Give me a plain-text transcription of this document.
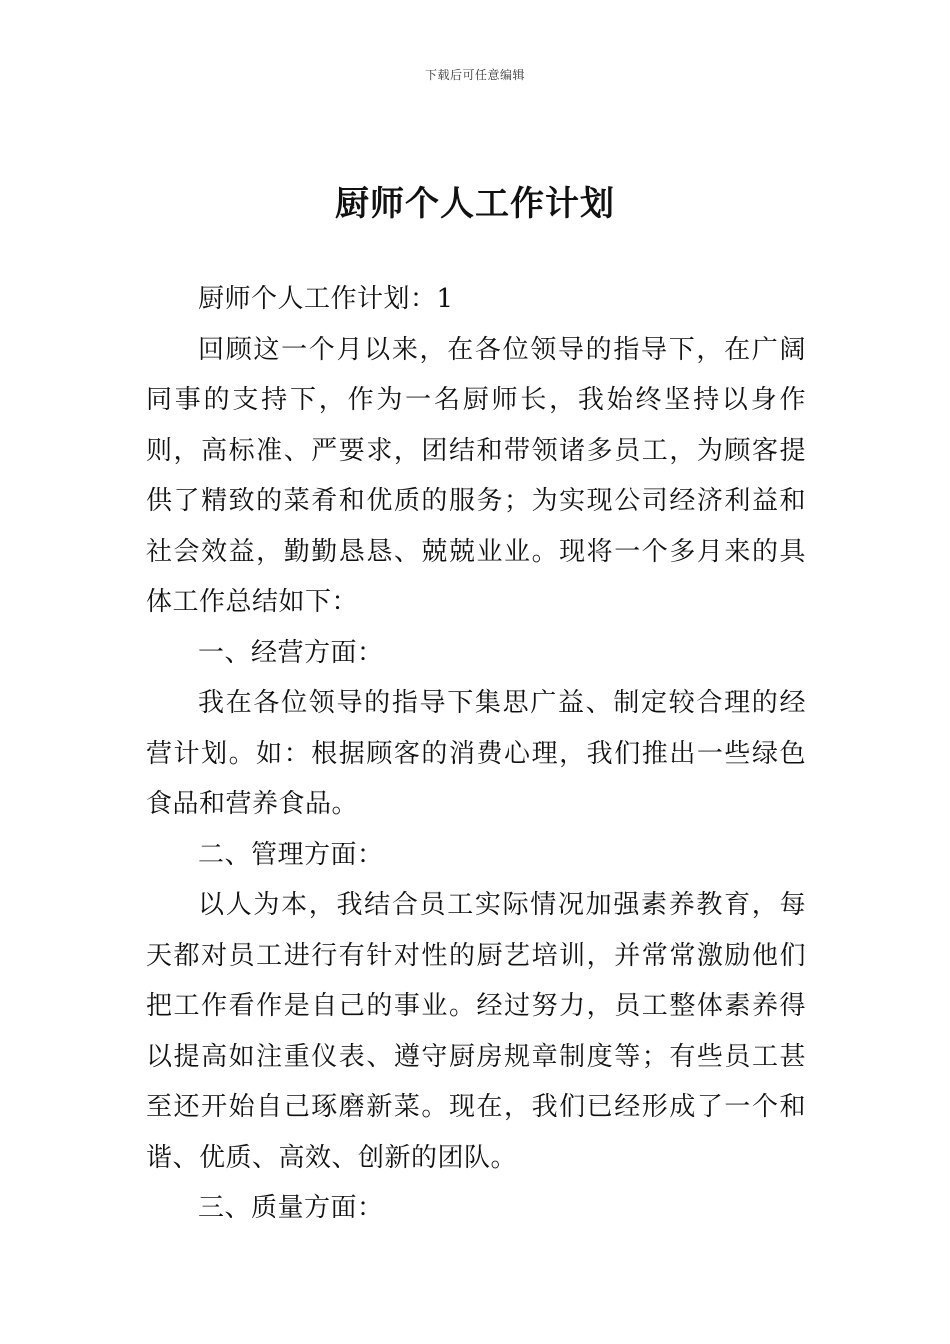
下载后可任意编辑
厨师个人工作计划

厨师个人工作计划：1

回顾这一个月以来，在各位领导的指导下，在广阔同事的支持下，作为一名厨师长，我始终坚持以身作则，高标准、严要求，团结和带领诸多员工，为顾客提供了精致的菜肴和优质的服务；为实现公司经济利益和社会效益，勤勤恳恳、兢兢业业。现将一个多月来的具体工作总结如下：

一、经营方面：

我在各位领导的指导下集思广益、制定较合理的经营计划。如：根据顾客的消费心理，我们推出一些绿色食品和营养食品。

二、管理方面：

以人为本，我结合员工实际情况加强素养教育，每天都对员工进行有针对性的厨艺培训，并常常激励他们把工作看作是自己的事业。经过努力，员工整体素养得以提高如注重仪表、遵守厨房规章制度等；有些员工甚至还开始自己琢磨新菜。现在，我们已经形成了一个和谐、优质、高效、创新的团队。

三、质量方面：
